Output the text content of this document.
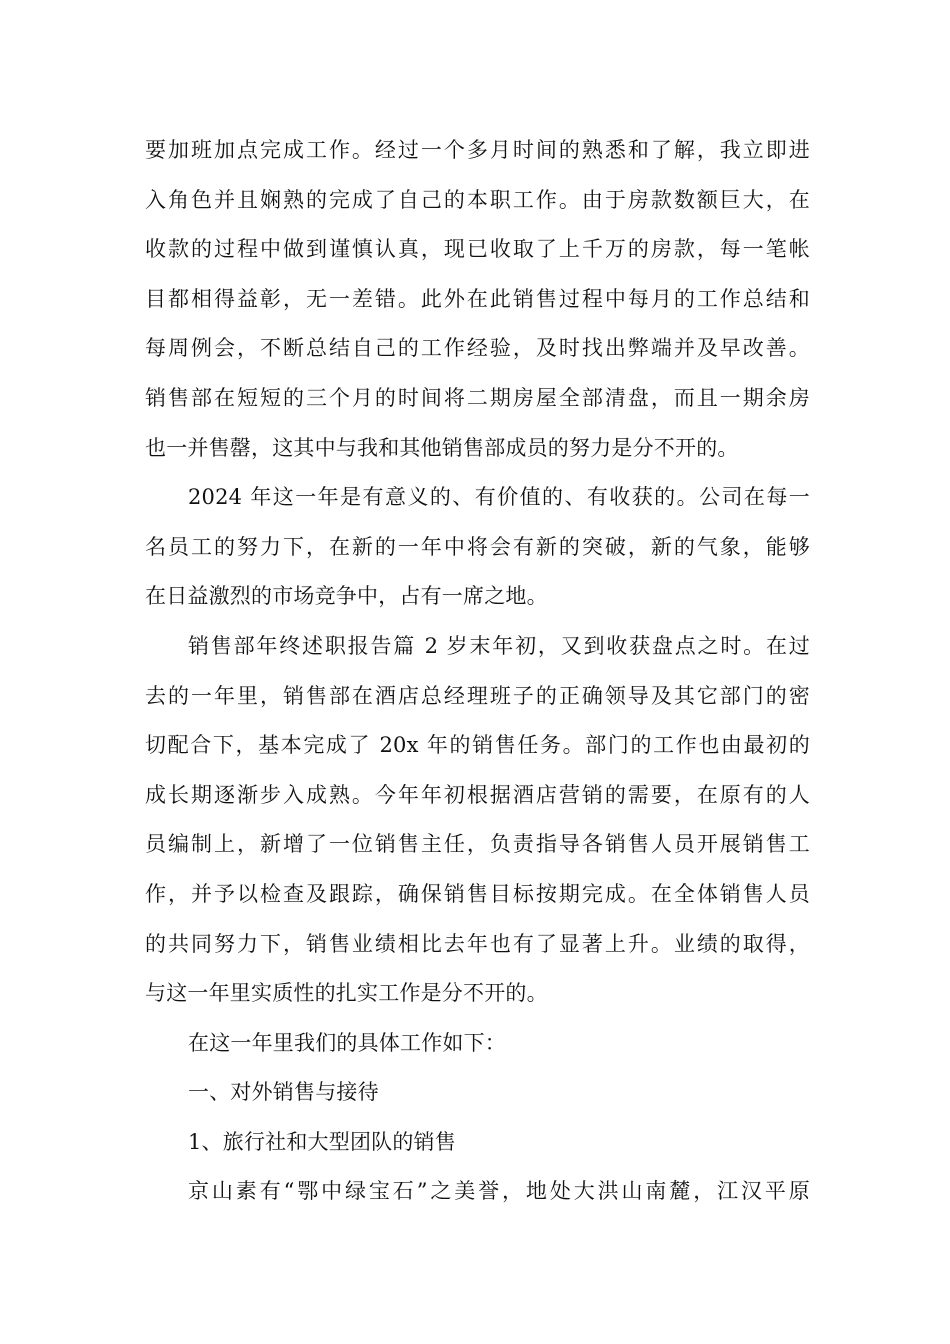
要加班加点完成工作。经过一个多月时间的熟悉和了解，我立即进
入角色并且娴熟的完成了自己的本职工作。由于房款数额巨大，在
收款的过程中做到谨慎认真，现已收取了上千万的房款，每一笔帐
目都相得益彰，无一差错。此外在此销售过程中每月的工作总结和
每周例会，不断总结自己的工作经验，及时找出弊端并及早改善。
销售部在短短的三个月的时间将二期房屋全部清盘，而且一期余房
也一并售罄，这其中与我和其他销售部成员的努力是分不开的。
2024 年这一年是有意义的、有价值的、有收获的。公司在每一
名员工的努力下，在新的一年中将会有新的突破，新的气象，能够
在日益激烈的市场竞争中，占有一席之地。
销售部年终述职报告篇 2 岁末年初，又到收获盘点之时。在过
去的一年里，销售部在酒店总经理班子的正确领导及其它部门的密
切配合下，基本完成了 20x 年的销售任务。部门的工作也由最初的
成长期逐渐步入成熟。今年年初根据酒店营销的需要，在原有的人
员编制上，新增了一位销售主任，负责指导各销售人员开展销售工
作，并予以检查及跟踪，确保销售目标按期完成。在全体销售人员
的共同努力下，销售业绩相比去年也有了显著上升。业绩的取得，
与这一年里实质性的扎实工作是分不开的。
在这一年里我们的具体工作如下：
一、对外销售与接待
1、旅行社和大型团队的销售
京山素有“鄂中绿宝石”之美誉，地处大洪山南麓，江汉平原
